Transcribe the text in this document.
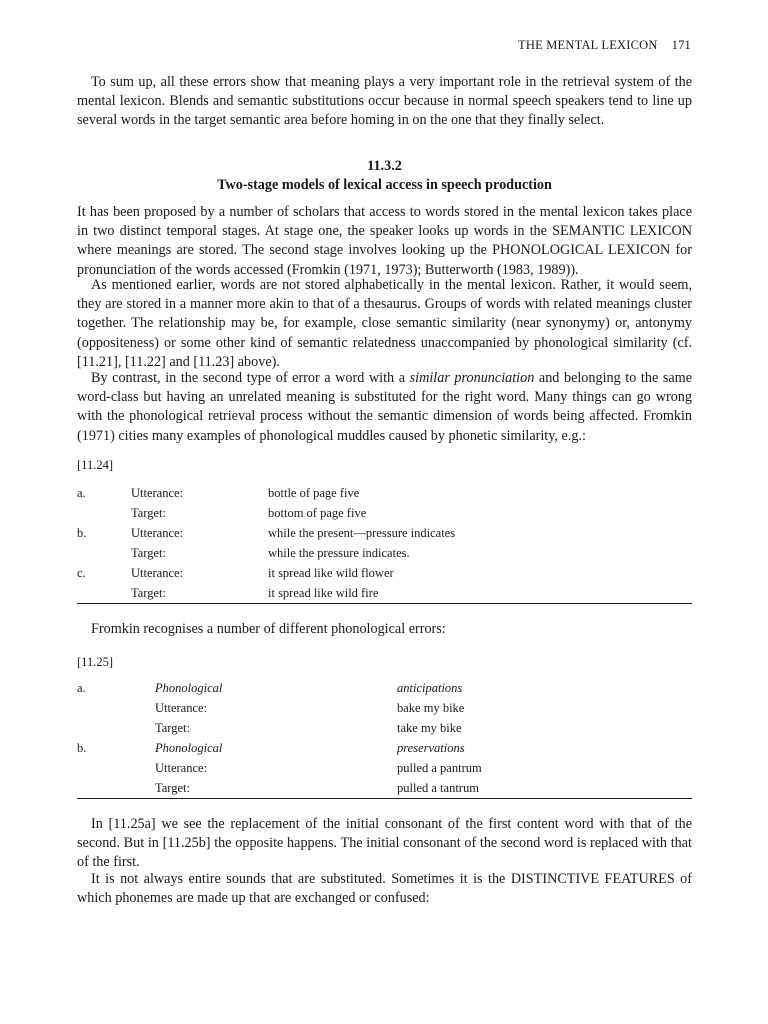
THE MENTAL LEXICON 171

To sum up, all these errors show that meaning plays a very important role in the retrieval system of the mental lexicon. Blends and semantic substitutions occur because in normal speech speakers tend to line up several words in the target semantic area before homing in on the one that they finally select.

11.3.2
Two-stage models of lexical access in speech production

It has been proposed by a number of scholars that access to words stored in the mental lexicon takes place in two distinct temporal stages. At stage one, the speaker looks up words in the SEMANTIC LEXICON where meanings are stored. The second stage involves looking up the PHONOLOGICAL LEXICON for pronunciation of the words accessed (Fromkin (1971, 1973); Butterworth (1983, 1989)).

As mentioned earlier, words are not stored alphabetically in the mental lexicon. Rather, it would seem, they are stored in a manner more akin to that of a thesaurus. Groups of words with related meanings cluster together. The relationship may be, for example, close semantic similarity (near synonymy) or, antonymy (oppositeness) or some other kind of semantic relatedness unaccompanied by phonological similarity (cf. [11.21], [11.22] and [11.23] above).

By contrast, in the second type of error a word with a similar pronunciation and belonging to the same word-class but having an unrelated meaning is substituted for the right word. Many things can go wrong with the phonological retrieval process without the semantic dimension of words being affected. Fromkin (1971) cities many examples of phonological muddles caused by phonetic similarity, e.g.:

[11.24]
a.	Utterance:	bottle of page five
	Target:	bottom of page five
b.	Utterance:	while the present—pressure indicates
	Target:	while the pressure indicates.
c.	Utterance:	it spread like wild flower
	Target:	it spread like wild fire

Fromkin recognises a number of different phonological errors:

[11.25]
a.	Phonological	anticipations
	Utterance:	bake my bike
	Target:	take my bike
b.	Phonological	preservations
	Utterance:	pulled a pantrum
	Target:	pulled a tantrum

In [11.25a] we see the replacement of the initial consonant of the first content word with that of the second. But in [11.25b] the opposite happens. The initial consonant of the second word is replaced with that of the first.

It is not always entire sounds that are substituted. Sometimes it is the DISTINCTIVE FEATURES of which phonemes are made up that are exchanged or confused:
